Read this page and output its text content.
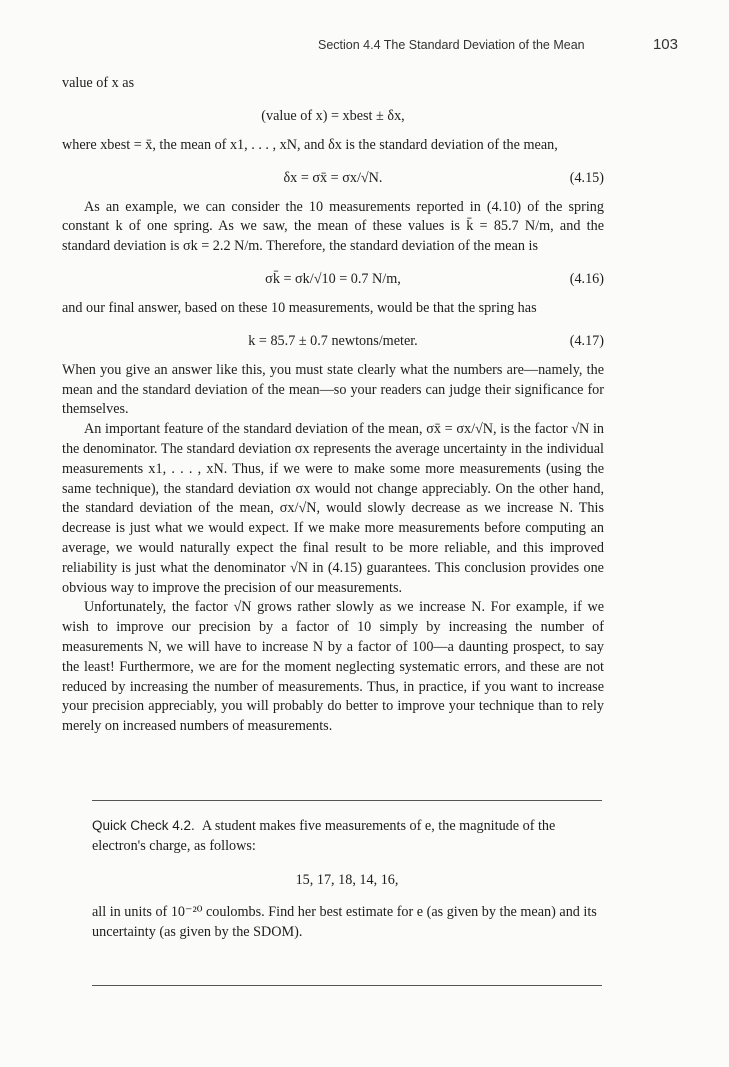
Section 4.4 The Standard Deviation of the Mean	103

value of x as

(value of x) = xbest ± δx,

where xbest = x̄, the mean of x1, . . . , xN, and δx is the standard deviation of the mean,

δx = σx̄ = σx/√N.	(4.15)

As an example, we can consider the 10 measurements reported in (4.10) of the spring constant k of one spring. As we saw, the mean of these values is k̄ = 85.7 N/m, and the standard deviation is σk = 2.2 N/m. Therefore, the standard deviation of the mean is

σk̄ = σk/√10 = 0.7 N/m,	(4.16)

and our final answer, based on these 10 measurements, would be that the spring has

k = 85.7 ± 0.7 newtons/meter.	(4.17)

When you give an answer like this, you must state clearly what the numbers are—namely, the mean and the standard deviation of the mean—so your readers can judge their significance for themselves.

An important feature of the standard deviation of the mean, σx̄ = σx/√N, is the factor √N in the denominator. The standard deviation σx represents the average uncertainty in the individual measurements x1, . . . , xN. Thus, if we were to make some more measurements (using the same technique), the standard deviation σx would not change appreciably. On the other hand, the standard deviation of the mean, σx/√N, would slowly decrease as we increase N. This decrease is just what we would expect. If we make more measurements before computing an average, we would naturally expect the final result to be more reliable, and this improved reliability is just what the denominator √N in (4.15) guarantees. This conclusion provides one obvious way to improve the precision of our measurements.

Unfortunately, the factor √N grows rather slowly as we increase N. For example, if we wish to improve our precision by a factor of 10 simply by increasing the number of measurements N, we will have to increase N by a factor of 100—a daunting prospect, to say the least! Furthermore, we are for the moment neglecting systematic errors, and these are not reduced by increasing the number of measurements. Thus, in practice, if you want to increase your precision appreciably, you will probably do better to improve your technique than to rely merely on increased numbers of measurements.

Quick Check 4.2. A student makes five measurements of e, the magnitude of the electron's charge, as follows:

15, 17, 18, 14, 16,

all in units of 10⁻²⁰ coulombs. Find her best estimate for e (as given by the mean) and its uncertainty (as given by the SDOM).
